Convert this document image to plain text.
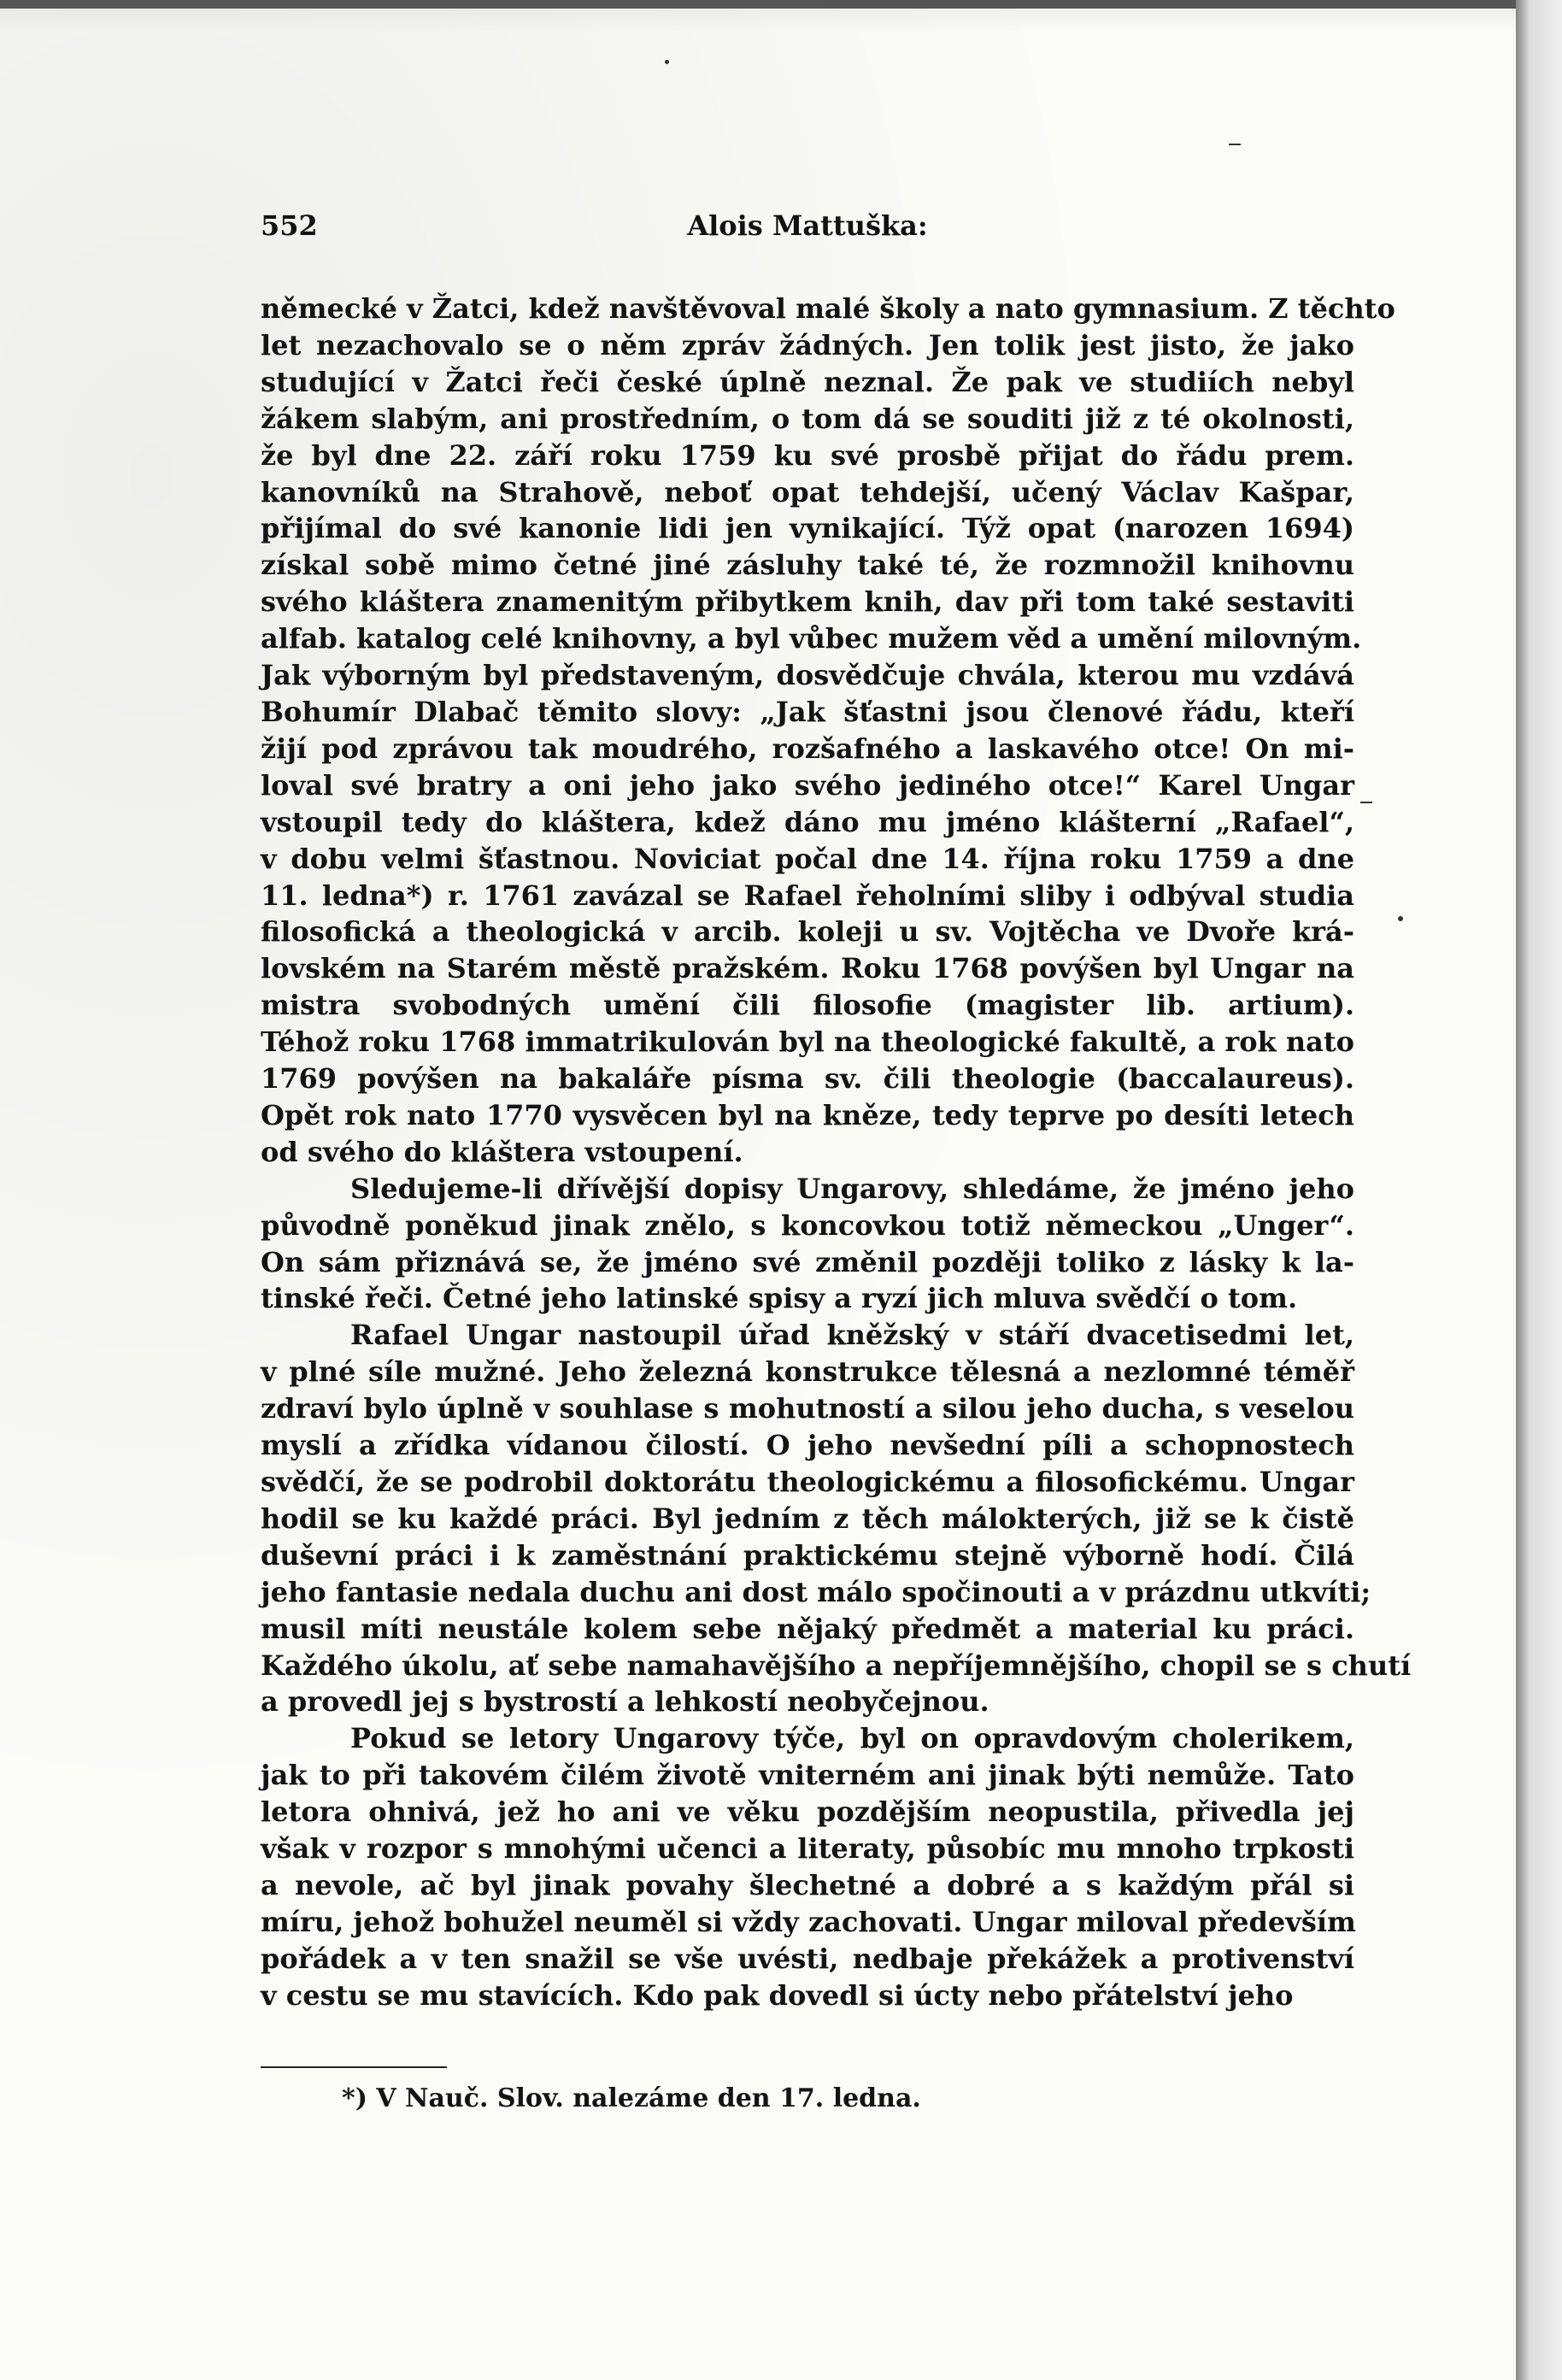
552	Alois Mattuška:
německé v Žatci, kdež navštěvoval malé školy a nato gymnasium. Z těchto
let nezachovalo se o něm zpráv žádných. Jen tolik jest jisto, že jako
studující v Žatci řeči české úplně neznal. Že pak ve studiích nebyl
žákem slabým, ani prostředním, o tom dá se souditi již z té okolnosti,
že byl dne 22. září roku 1759 ku své prosbě přijat do řádu prem.
kanovníků na Strahově, neboť opat tehdejší, učený Václav Kašpar,
přijímal do své kanonie lidi jen vynikající. Týž opat (narozen 1694)
získal sobě mimo četné jiné zásluhy také té, že rozmnožil knihovnu
svého kláštera znamenitým přibytkem knih, dav při tom také sestaviti
alfab. katalog celé knihovny, a byl vůbec mužem věd a umění milovným.
Jak výborným byl představeným, dosvědčuje chvála, kterou mu vzdává
Bohumír Dlabač těmito slovy: „Jak šťastni jsou členové řádu, kteří
žijí pod zprávou tak moudrého, rozšafného a laskavého otce! On mi-
loval své bratry a oni jeho jako svého jediného otce!“ Karel Ungar
vstoupil tedy do kláštera, kdež dáno mu jméno klášterní „Rafael“,
v dobu velmi šťastnou. Noviciat počal dne 14. října roku 1759 a dne
11. ledna*) r. 1761 zavázal se Rafael řeholními sliby i odbýval studia
filosofická a theologická v arcib. koleji u sv. Vojtěcha ve Dvoře krá-
lovském na Starém městě pražském. Roku 1768 povýšen byl Ungar na
mistra svobodných umění čili filosofie (magister lib. artium).
Téhož roku 1768 immatrikulován byl na theologické fakultě, a rok nato
1769 povýšen na bakaláře písma sv. čili theologie (baccalaureus).
Opět rok nato 1770 vysvěcen byl na kněze, tedy teprve po desíti letech
od svého do kláštera vstoupení.
Sledujeme-li dřívější dopisy Ungarovy, shledáme, že jméno jeho
původně poněkud jinak znělo, s koncovkou totiž německou „Unger“.
On sám přiznává se, že jméno své změnil později toliko z lásky k la-
tinské řeči. Četné jeho latinské spisy a ryzí jich mluva svědčí o tom.
Rafael Ungar nastoupil úřad kněžský v stáří dvacetisedmi let,
v plné síle mužné. Jeho železná konstrukce tělesná a nezlomné téměř
zdraví bylo úplně v souhlase s mohutností a silou jeho ducha, s veselou
myslí a zřídka vídanou čilostí. O jeho nevšední píli a schopnostech
svědčí, že se podrobil doktorátu theologickému a filosofickému. Ungar
hodil se ku každé práci. Byl jedním z těch málokterých, již se k čistě
duševní práci i k zaměstnání praktickému stejně výborně hodí. Čilá
jeho fantasie nedala duchu ani dost málo spočinouti a v prázdnu utkvíti;
musil míti neustále kolem sebe nějaký předmět a material ku práci.
Každého úkolu, ať sebe namahavějšího a nepříjemnějšího, chopil se s chutí
a provedl jej s bystrostí a lehkostí neobyčejnou.
Pokud se letory Ungarovy týče, byl on opravdovým cholerikem,
jak to při takovém čilém životě vniterném ani jinak býti nemůže. Tato
letora ohnivá, jež ho ani ve věku pozdějším neopustila, přivedla jej
však v rozpor s mnohými učenci a literaty, působíc mu mnoho trpkosti
a nevole, ač byl jinak povahy šlechetné a dobré a s každým přál si
míru, jehož bohužel neuměl si vždy zachovati. Ungar miloval především
pořádek a v ten snažil se vše uvésti, nedbaje překážek a protivenství
v cestu se mu stavících. Kdo pak dovedl si úcty nebo přátelství jeho
*) V Nauč. Slov. nalezáme den 17. ledna.
